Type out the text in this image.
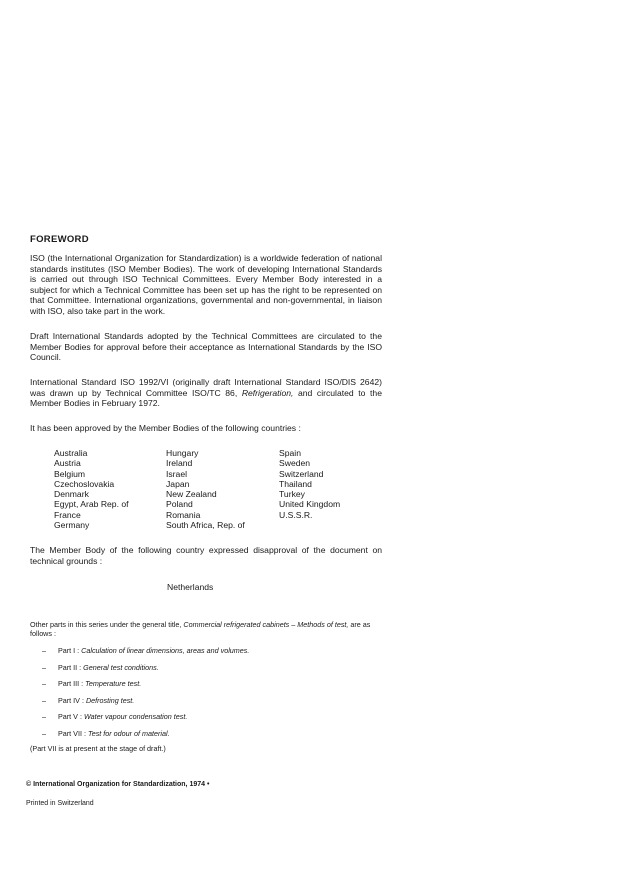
FOREWORD
ISO (the International Organization for Standardization) is a worldwide federation of national standards institutes (ISO Member Bodies). The work of developing International Standards is carried out through ISO Technical Committees. Every Member Body interested in a subject for which a Technical Committee has been set up has the right to be represented on that Committee. International organizations, governmental and non-governmental, in liaison with ISO, also take part in the work.
Draft International Standards adopted by the Technical Committees are circulated to the Member Bodies for approval before their acceptance as International Standards by the ISO Council.
International Standard ISO 1992/VI (originally draft International Standard ISO/DIS 2642) was drawn up by Technical Committee ISO/TC 86, Refrigeration, and circulated to the Member Bodies in February 1972.
It has been approved by the Member Bodies of the following countries :
Australia
Austria
Belgium
Czechoslovakia
Denmark
Egypt, Arab Rep. of
France
Germany
Hungary
Ireland
Israel
Japan
New Zealand
Poland
Romania
South Africa, Rep. of
Spain
Sweden
Switzerland
Thailand
Turkey
United Kingdom
U.S.S.R.
The Member Body of the following country expressed disapproval of the document on technical grounds :
Netherlands
Other parts in this series under the general title, Commercial refrigerated cabinets – Methods of test, are as follows :
– Part I : Calculation of linear dimensions, areas and volumes.
– Part II : General test conditions.
– Part III : Temperature test.
– Part IV : Defrosting test.
– Part V : Water vapour condensation test.
– Part VII : Test for odour of material.
(Part VII is at present at the stage of draft.)
© International Organization for Standardization, 1974 •
Printed in Switzerland
